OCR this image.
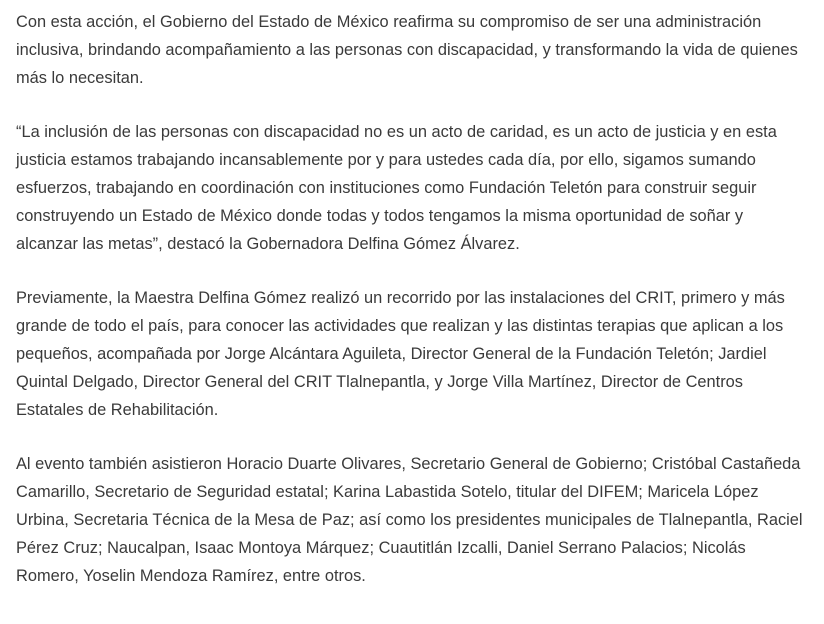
Con esta acción, el Gobierno del Estado de México reafirma su compromiso de ser una administración inclusiva, brindando acompañamiento a las personas con discapacidad, y transformando la vida de quienes más lo necesitan.

“La inclusión de las personas con discapacidad no es un acto de caridad, es un acto de justicia y en esta justicia estamos trabajando incansablemente por y para ustedes cada día, por ello, sigamos sumando esfuerzos, trabajando en coordinación con instituciones como Fundación Teletón para construir seguir construyendo un Estado de México donde todas y todos tengamos la misma oportunidad de soñar y alcanzar las metas”, destacó la Gobernadora Delfina Gómez Álvarez.

Previamente, la Maestra Delfina Gómez realizó un recorrido por las instalaciones del CRIT, primero y más grande de todo el país, para conocer las actividades que realizan y las distintas terapias que aplican a los pequeños, acompañada por Jorge Alcántara Aguileta, Director General de la Fundación Teletón; Jardiel Quintal Delgado, Director General del CRIT Tlalnepantla, y Jorge Villa Martínez, Director de Centros Estatales de Rehabilitación.

Al evento también asistieron Horacio Duarte Olivares, Secretario General de Gobierno; Cristóbal Castañeda Camarillo, Secretario de Seguridad estatal; Karina Labastida Sotelo, titular del DIFEM; Maricela López Urbina, Secretaria Técnica de la Mesa de Paz; así como los presidentes municipales de Tlalnepantla, Raciel Pérez Cruz; Naucalpan, Isaac Montoya Márquez; Cuautitlán Izcalli, Daniel Serrano Palacios; Nicolás Romero, Yoselin Mendoza Ramírez, entre otros.
